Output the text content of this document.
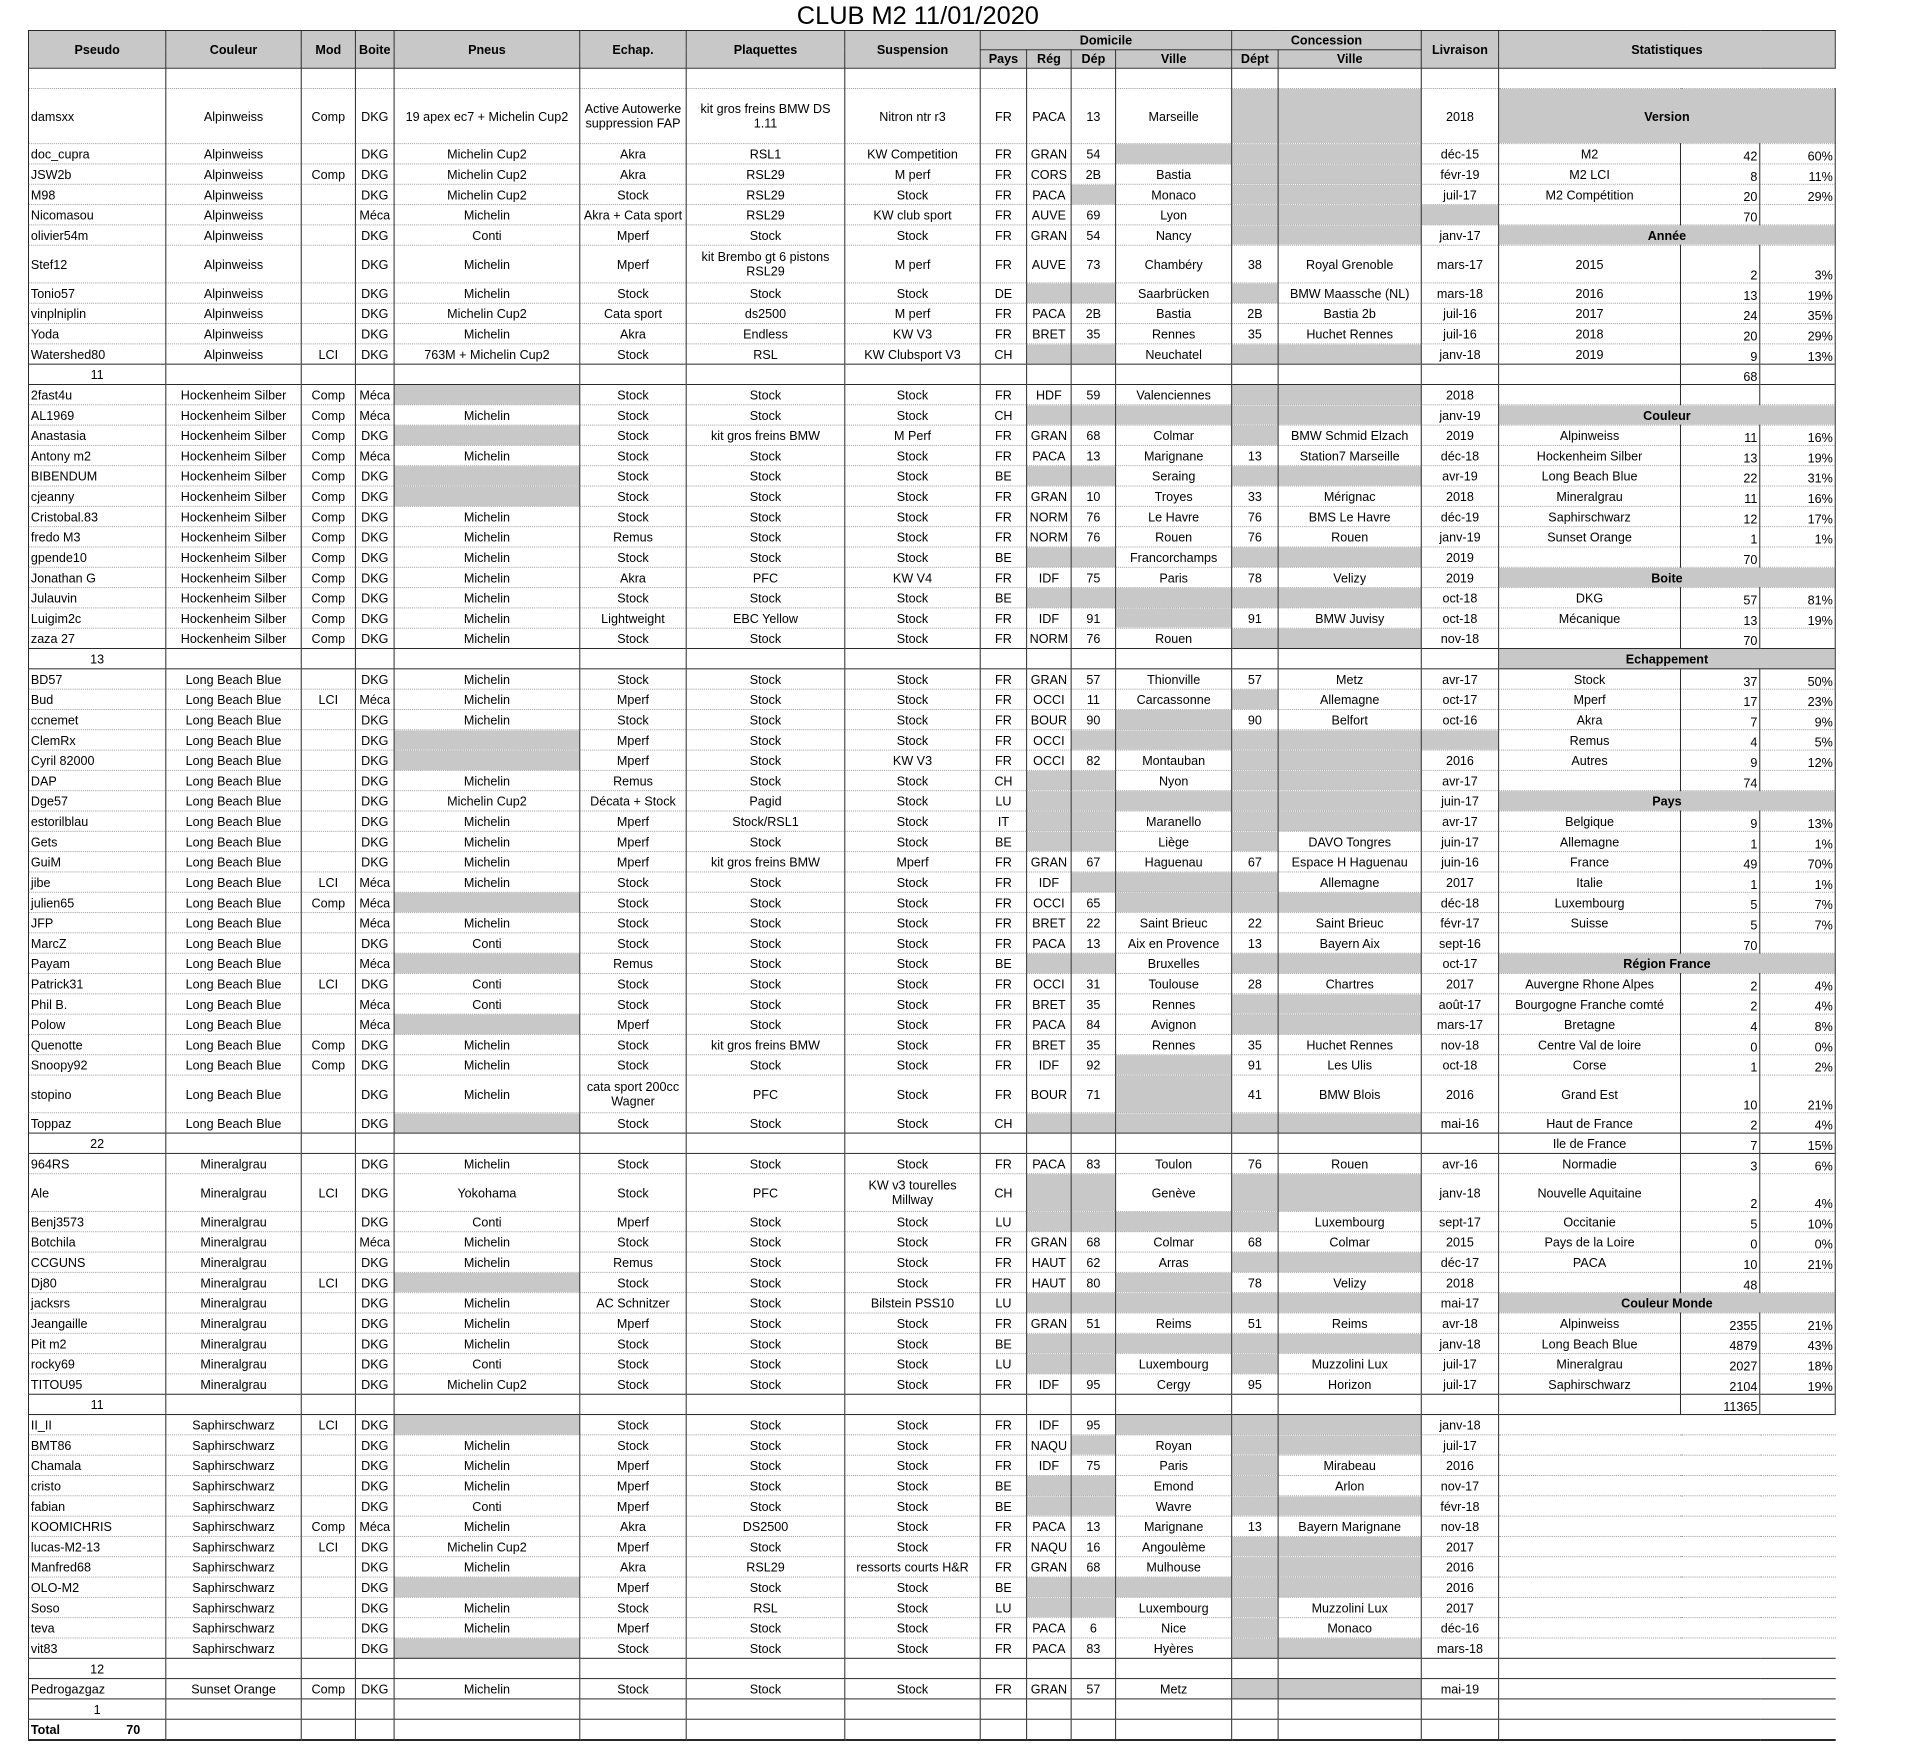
CLUB M2 11/01/2020
Pseudo	Couleur	Mod	Boite	Pneus	Echap.	Plaquettes	Suspension	Domicile				Concession		Livraison	Statistiques		
								Pays	Rég	Dép	Ville	Dépt	Ville				

damsxx	Alpinweiss	Comp	DKG	19 apex ec7 + Michelin Cup2	Active Autowerke suppression FAP	kit gros freins BMW DS 1.11	Nitron ntr r3	FR	PACA	13	Marseille			2018	Version		
doc_cupra	Alpinweiss		DKG	Michelin Cup2	Akra	RSL1	KW Competition	FR	GRAN	54				déc-15	M2	42	60%
JSW2b	Alpinweiss	Comp	DKG	Michelin Cup2	Akra	RSL29	M perf	FR	CORS	2B	Bastia			févr-19	M2 LCI	8	11%
M98	Alpinweiss		DKG	Michelin Cup2	Stock	RSL29	Stock	FR	PACA		Monaco			juil-17	M2 Compétition	20	29%
Nicomasou	Alpinweiss		Méca	Michelin	Akra + Cata sport	RSL29	KW club sport	FR	AUVE	69	Lyon					70	
olivier54m	Alpinweiss		DKG	Conti	Mperf	Stock	Stock	FR	GRAN	54	Nancy			janv-17	Année		
Stef12	Alpinweiss		DKG	Michelin	Mperf	kit Brembo gt 6 pistons RSL29	M perf	FR	AUVE	73	Chambéry	38	Royal Grenoble	mars-17	2015	2	3%
Tonio57	Alpinweiss		DKG	Michelin	Stock	Stock	Stock	DE			Saarbrücken		BMW Maassche (NL)	mars-18	2016	13	19%
vinplniplin	Alpinweiss		DKG	Michelin Cup2	Cata sport	ds2500	M perf	FR	PACA	2B	Bastia	2B	Bastia 2b	juil-16	2017	24	35%
Yoda	Alpinweiss		DKG	Michelin	Akra	Endless	KW V3	FR	BRET	35	Rennes	35	Huchet Rennes	juil-16	2018	20	29%
Watershed80	Alpinweiss	LCI	DKG	763M + Michelin Cup2	Stock	RSL	KW Clubsport V3	CH			Neuchatel			janv-18	2019	9	13%
11																68	
2fast4u	Hockenheim Silber	Comp	Méca		Stock	Stock	Stock	FR	HDF	59	Valenciennes			2018			
AL1969	Hockenheim Silber	Comp	Méca	Michelin	Stock	Stock	Stock	CH						janv-19	Couleur		
Anastasia	Hockenheim Silber	Comp	DKG		Stock	kit gros freins BMW	M Perf	FR	GRAN	68	Colmar		BMW Schmid Elzach	2019	Alpinweiss	11	16%
Antony m2	Hockenheim Silber	Comp	Méca	Michelin	Stock	Stock	Stock	FR	PACA	13	Marignane	13	Station7 Marseille	déc-18	Hockenheim Silber	13	19%
BIBENDUM	Hockenheim Silber	Comp	DKG		Stock	Stock	Stock	BE			Seraing			avr-19	Long Beach Blue	22	31%
cjeanny	Hockenheim Silber	Comp	DKG		Stock	Stock	Stock	FR	GRAN	10	Troyes	33	Mérignac	2018	Mineralgrau	11	16%
Cristobal.83	Hockenheim Silber	Comp	DKG	Michelin	Stock	Stock	Stock	FR	NORM	76	Le Havre	76	BMS Le Havre	déc-19	Saphirschwarz	12	17%
fredo M3	Hockenheim Silber	Comp	DKG	Michelin	Remus	Stock	Stock	FR	NORM	76	Rouen	76	Rouen	janv-19	Sunset Orange	1	1%
gpende10	Hockenheim Silber	Comp	DKG	Michelin	Stock	Stock	Stock	BE			Francorchamps			2019		70	
Jonathan G	Hockenheim Silber	Comp	DKG	Michelin	Akra	PFC	KW V4	FR	IDF	75	Paris	78	Velizy	2019	Boite		
Julauvin	Hockenheim Silber	Comp	DKG	Michelin	Stock	Stock	Stock	BE						oct-18	DKG	57	81%
Luigim2c	Hockenheim Silber	Comp	DKG	Michelin	Lightweight	EBC Yellow	Stock	FR	IDF	91		91	BMW Juvisy	oct-18	Mécanique	13	19%
zaza 27	Hockenheim Silber	Comp	DKG	Michelin	Stock	Stock	Stock	FR	NORM	76	Rouen			nov-18		70	
13															Echappement		
BD57	Long Beach Blue		DKG	Michelin	Stock	Stock	Stock	FR	GRAN	57	Thionville	57	Metz	avr-17	Stock	37	50%
Bud	Long Beach Blue	LCI	Méca	Michelin	Mperf	Stock	Stock	FR	OCCI	11	Carcassonne		Allemagne	oct-17	Mperf	17	23%
ccnemet	Long Beach Blue		DKG	Michelin	Stock	Stock	Stock	FR	BOUR	90		90	Belfort	oct-16	Akra	7	9%
ClemRx	Long Beach Blue		DKG		Mperf	Stock	Stock	FR	OCCI						Remus	4	5%
Cyril 82000	Long Beach Blue		DKG		Mperf	Stock	KW V3	FR	OCCI	82	Montauban			2016	Autres	9	12%
DAP	Long Beach Blue		DKG	Michelin	Remus	Stock	Stock	CH			Nyon			avr-17		74	
Dge57	Long Beach Blue		DKG	Michelin Cup2	Décata + Stock	Pagid	Stock	LU						juin-17	Pays		
estorilblau	Long Beach Blue		DKG	Michelin	Mperf	Stock/RSL1	Stock	IT			Maranello			avr-17	Belgique	9	13%
Gets	Long Beach Blue		DKG	Michelin	Mperf	Stock	Stock	BE			Liège		DAVO Tongres	juin-17	Allemagne	1	1%
GuiM	Long Beach Blue		DKG	Michelin	Mperf	kit gros freins BMW	Mperf	FR	GRAN	67	Haguenau	67	Espace H Haguenau	juin-16	France	49	70%
jibe	Long Beach Blue	LCI	Méca	Michelin	Stock	Stock	Stock	FR	IDF				Allemagne	2017	Italie	1	1%
julien65	Long Beach Blue	Comp	Méca		Stock	Stock	Stock	FR	OCCI	65				déc-18	Luxembourg	5	7%
JFP	Long Beach Blue		Méca	Michelin	Stock	Stock	Stock	FR	BRET	22	Saint Brieuc	22	Saint Brieuc	févr-17	Suisse	5	7%
MarcZ	Long Beach Blue		DKG	Conti	Stock	Stock	Stock	FR	PACA	13	Aix en Provence	13	Bayern Aix	sept-16		70	
Payam	Long Beach Blue		Méca		Remus	Stock	Stock	BE			Bruxelles			oct-17	Région France		
Patrick31	Long Beach Blue	LCI	DKG	Conti	Stock	Stock	Stock	FR	OCCI	31	Toulouse	28	Chartres	2017	Auvergne Rhone Alpes	2	4%
Phil B.	Long Beach Blue		Méca	Conti	Stock	Stock	Stock	FR	BRET	35	Rennes			août-17	Bourgogne Franche comté	2	4%
Polow	Long Beach Blue		Méca		Mperf	Stock	Stock	FR	PACA	84	Avignon			mars-17	Bretagne	4	8%
Quenotte	Long Beach Blue	Comp	DKG	Michelin	Stock	kit gros freins BMW	Stock	FR	BRET	35	Rennes	35	Huchet Rennes	nov-18	Centre Val de loire	0	0%
Snoopy92	Long Beach Blue	Comp	DKG	Michelin	Stock	Stock	Stock	FR	IDF	92		91	Les Ulis	oct-18	Corse	1	2%
stopino	Long Beach Blue		DKG	Michelin	cata sport 200cc Wagner	PFC	Stock	FR	BOUR	71		41	BMW Blois	2016	Grand Est	10	21%
Toppaz	Long Beach Blue		DKG		Stock	Stock	Stock	CH						mai-16	Haut de France	2	4%
22															Ile de France	7	15%
964RS	Mineralgrau		DKG	Michelin	Stock	Stock	Stock	FR	PACA	83	Toulon	76	Rouen	avr-16	Normadie	3	6%
Ale	Mineralgrau	LCI	DKG	Yokohama	Stock	PFC	KW v3 tourelles Millway	CH			Genève			janv-18	Nouvelle Aquitaine	2	4%
Benj3573	Mineralgrau		DKG	Conti	Mperf	Stock	Stock	LU					Luxembourg	sept-17	Occitanie	5	10%
Botchila	Mineralgrau		Méca	Michelin	Stock	Stock	Stock	FR	GRAN	68	Colmar	68	Colmar	2015	Pays de la Loire	0	0%
CCGUNS	Mineralgrau		DKG	Michelin	Remus	Stock	Stock	FR	HAUT	62	Arras			déc-17	PACA	10	21%
Dj80	Mineralgrau	LCI	DKG		Stock	Stock	Stock	FR	HAUT	80		78	Velizy	2018		48	
jacksrs	Mineralgrau		DKG	Michelin	AC Schnitzer	Stock	Bilstein PSS10	LU						mai-17	Couleur Monde		
Jeangaille	Mineralgrau		DKG	Michelin	Mperf	Stock	Stock	FR	GRAN	51	Reims	51	Reims	avr-18	Alpinweiss	2355	21%
Pit m2	Mineralgrau		DKG	Michelin	Stock	Stock	Stock	BE						janv-18	Long Beach Blue	4879	43%
rocky69	Mineralgrau		DKG	Conti	Stock	Stock	Stock	LU			Luxembourg		Muzzolini Lux	juil-17	Mineralgrau	2027	18%
TITOU95	Mineralgrau		DKG	Michelin Cup2	Stock	Stock	Stock	FR	IDF	95	Cergy	95	Horizon	juil-17	Saphirschwarz	2104	19%
11																11365	
II_II	Saphirschwarz	LCI	DKG		Stock	Stock	Stock	FR	IDF	95				janv-18			
BMT86	Saphirschwarz		DKG	Michelin	Stock	Stock	Stock	FR	NAQU		Royan			juil-17			
Chamala	Saphirschwarz		DKG	Michelin	Mperf	Stock	Stock	FR	IDF	75	Paris		Mirabeau	2016			
cristo	Saphirschwarz		DKG	Michelin	Mperf	Stock	Stock	BE			Emond		Arlon	nov-17			
fabian	Saphirschwarz		DKG	Conti	Mperf	Stock	Stock	BE			Wavre			févr-18			
KOOMICHRIS	Saphirschwarz	Comp	Méca	Michelin	Akra	DS2500	Stock	FR	PACA	13	Marignane	13	Bayern Marignane	nov-18			
lucas-M2-13	Saphirschwarz	LCI	DKG	Michelin Cup2	Mperf	Stock	Stock	FR	NAQU	16	Angoulème			2017			
Manfred68	Saphirschwarz		DKG	Michelin	Akra	RSL29	ressorts courts H&R	FR	GRAN	68	Mulhouse			2016			
OLO-M2	Saphirschwarz		DKG		Mperf	Stock	Stock	BE						2016			
Soso	Saphirschwarz		DKG	Michelin	Stock	RSL	Stock	LU			Luxembourg		Muzzolini Lux	2017			
teva	Saphirschwarz		DKG	Michelin	Mperf	Stock	Stock	FR	PACA	6	Nice		Monaco	déc-16			
vit83	Saphirschwarz		DKG		Stock	Stock	Stock	FR	PACA	83	Hyères			mars-18			
12																	
Pedrogazgaz	Sunset Orange	Comp	DKG	Michelin	Stock	Stock	Stock	FR	GRAN	57	Metz			mai-19			
1																	
Total 70																	
